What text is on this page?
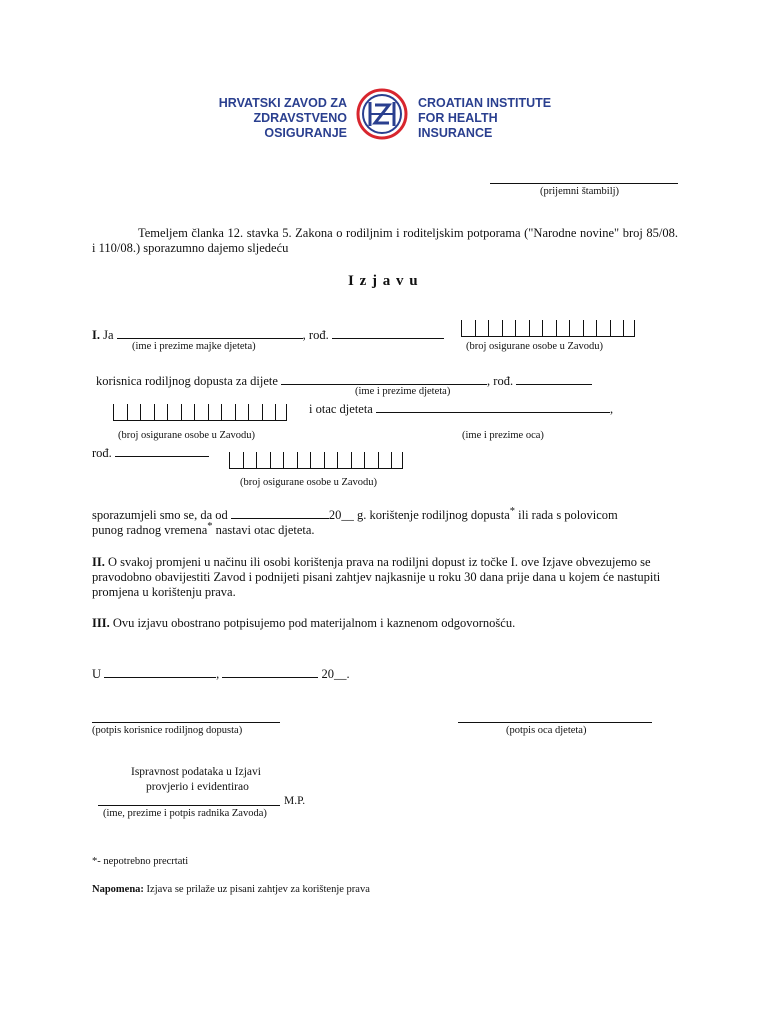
HRVATSKI ZAVOD ZA
ZDRAVSTVENO
OSIGURANJE
CROATIAN INSTITUTE
FOR HEALTH
INSURANCE
(prijemni štambilj)
Temeljem članka 12. stavka 5. Zakona o rodiljnim i roditeljskim potporama ("Narodne novine" broj 85/08. i 110/08.) sporazumno dajemo sljedeću
I z j a v u
I. Ja	, rođ.
(ime i prezime majke djeteta)	(broj osigurane osobe u Zavodu)
korisnica rodiljnog dopusta za dijete	, rođ.
(ime i prezime djeteta)
i otac djeteta	,
(broj osigurane osobe u Zavodu)	(ime i prezime oca)
rođ.
(broj osigurane osobe u Zavodu)
sporazumjeli smo se, da od	20__ g. korištenje rodiljnog dopusta* ili rada s polovicom
punog radnog vremena* nastavi otac djeteta.
II. O svakoj promjeni u načinu ili osobi korištenja prava na rodiljni dopust iz točke I. ove Izjave obvezujemo se pravodobno obavijestiti Zavod i podnijeti pisani zahtjev najkasnije u roku 30 dana prije dana u kojem će nastupiti promjena u korištenju prava.
III. Ovu izjavu obostrano potpisujemo pod materijalnom i kaznenom odgovornošću.
U	,	20__.
(potpis korisnice rodiljnog dopusta)	(potpis oca djeteta)
Ispravnost podataka u Izjavi
provjerio i evidentirao
M.P.
(ime, prezime i potpis radnika Zavoda)
*- nepotrebno precrtati
Napomena: Izjava se prilaže uz pisani zahtjev za korištenje prava
